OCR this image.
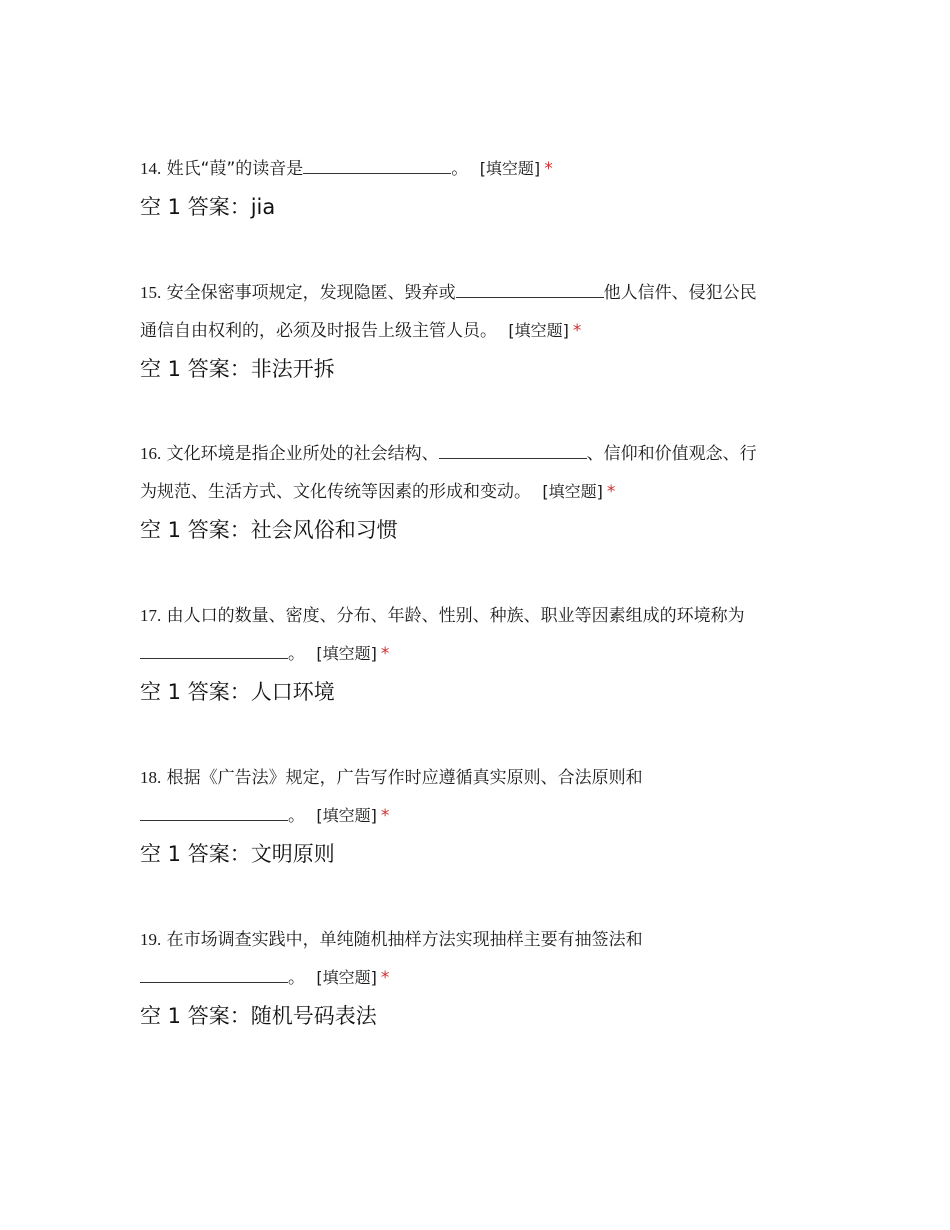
14. 姓氏“葭”的读音是	。 [填空题] *

空 1 答案：jia

15. 安全保密事项规定，发现隐匿、毁弃或	他人信件、侵犯公民
通信自由权利的，必须及时报告上级主管人员。 [填空题] *

空 1 答案：非法开拆

16. 文化环境是指企业所处的社会结构、	、信仰和价值观念、行
为规范、生活方式、文化传统等因素的形成和变动。 [填空题] *

空 1 答案：社会风俗和习惯

17. 由人口的数量、密度、分布、年龄、性别、种族、职业等因素组成的环境称为
。 [填空题] *

空 1 答案：人口环境

18. 根据《广告法》规定，广告写作时应遵循真实原则、合法原则和
。 [填空题] *

空 1 答案：文明原则

19. 在市场调查实践中，单纯随机抽样方法实现抽样主要有抽签法和
。 [填空题] *

空 1 答案：随机号码表法
